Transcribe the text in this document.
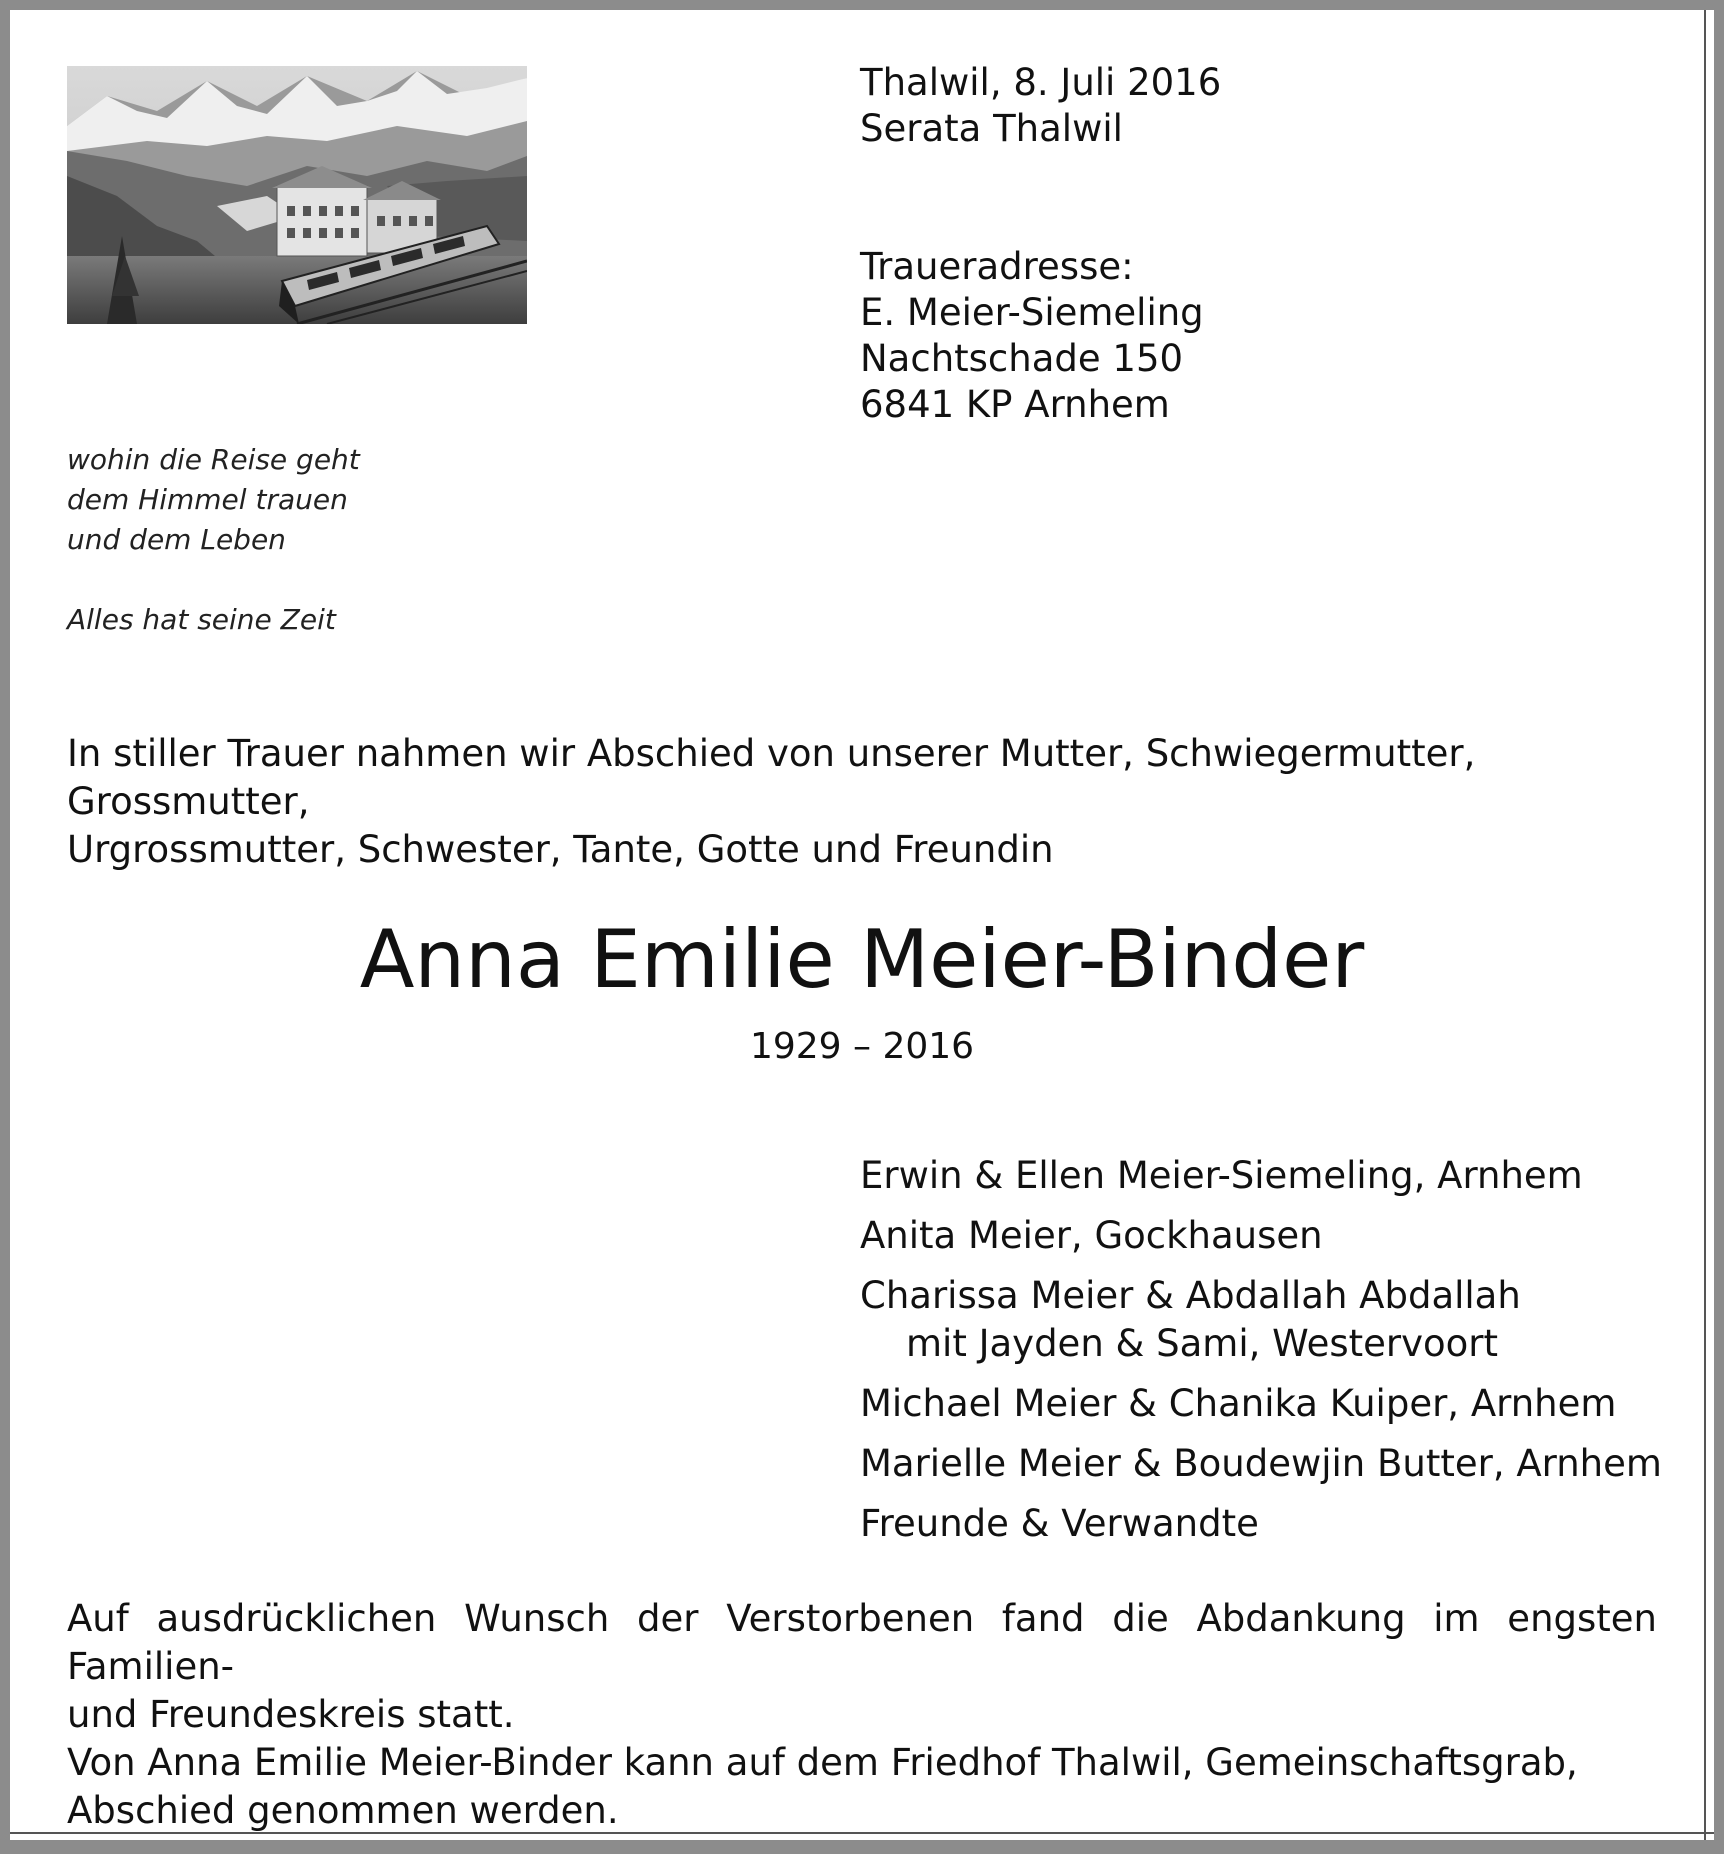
Thalwil, 8. Juli 2016
Serata Thalwil
Traueradresse:
E. Meier-Siemeling
Nachtschade 150
6841 KP Arnhem
wohin die Reise geht
dem Himmel trauen
und dem Leben
Alles hat seine Zeit
In stiller Trauer nahmen wir Abschied von unserer Mutter, Schwiegermutter, Grossmutter,
Urgrossmutter, Schwester, Tante, Gotte und Freundin
Anna Emilie Meier-Binder
1929 – 2016
Erwin & Ellen Meier-Siemeling, Arnhem
Anita Meier, Gockhausen
Charissa Meier & Abdallah Abdallah
mit Jayden & Sami, Westervoort
Michael Meier & Chanika Kuiper, Arnhem
Marielle Meier & Boudewjin Butter, Arnhem
Freunde & Verwandte
Auf ausdrücklichen Wunsch der Verstorbenen fand die Abdankung im engsten Familien-
und Freundeskreis statt.
Von Anna Emilie Meier-Binder kann auf dem Friedhof Thalwil, Gemeinschaftsgrab,
Abschied genommen werden.
